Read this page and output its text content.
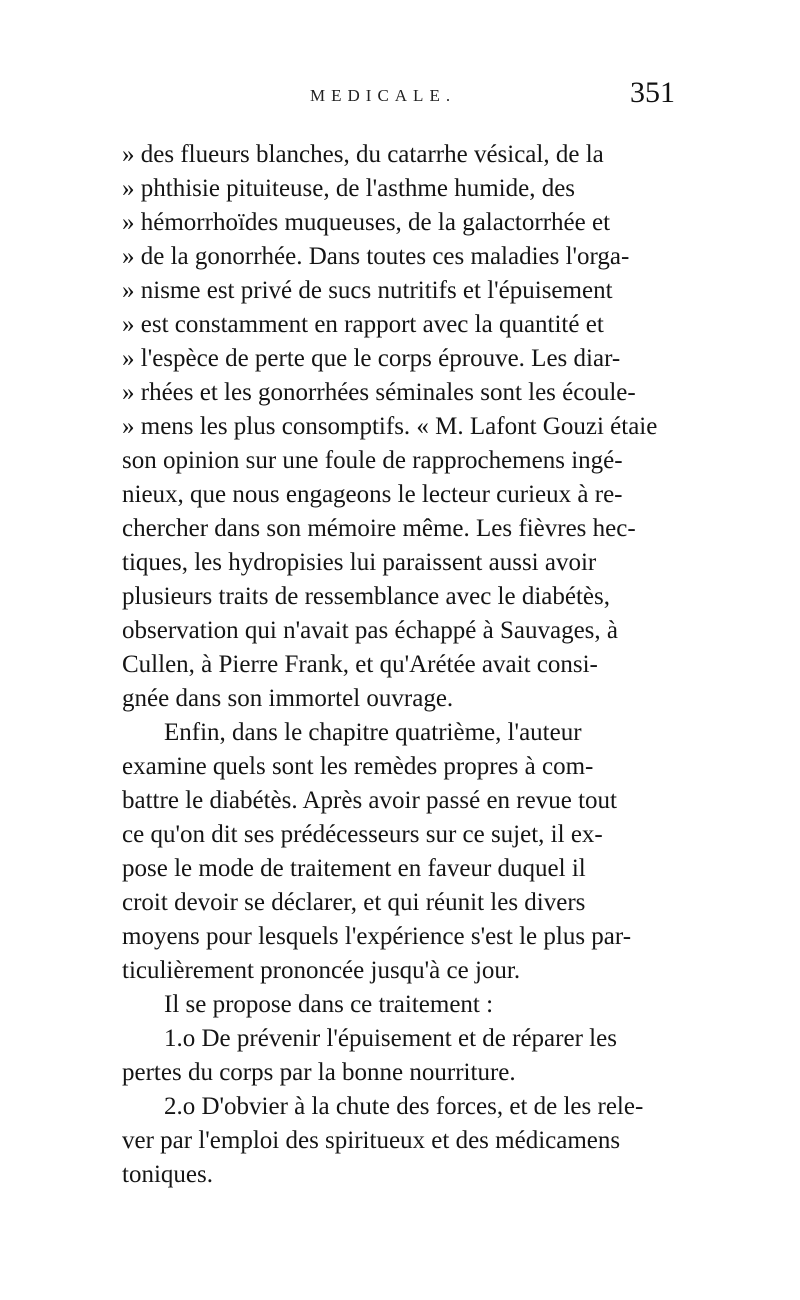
MEDICALE.	351
» des flueurs blanches, du catarrhe vésical, de la
» phthisie pituiteuse, de l'asthme humide, des
» hémorrhoïdes muqueuses, de la galactorrhée et
» de la gonorrhée. Dans toutes ces maladies l'orga-
» nisme est privé de sucs nutritifs et l'épuisement
» est constamment en rapport avec la quantité et
» l'espèce de perte que le corps éprouve. Les diar-
» rhées et les gonorrhées séminales sont les écoule-
» mens les plus consomptifs. « M. Lafont Gouzi étaie
son opinion sur une foule de rapprochemens ingé-
nieux, que nous engageons le lecteur curieux à re-
chercher dans son mémoire même. Les fièvres hec-
tiques, les hydropisies lui paraissent aussi avoir
plusieurs traits de ressemblance avec le diabétès,
observation qui n'avait pas échappé à Sauvages, à
Cullen, à Pierre Frank, et qu'Arétée avait consi-
gnée dans son immortel ouvrage.
Enfin, dans le chapitre quatrième, l'auteur
examine quels sont les remèdes propres à com-
battre le diabétès. Après avoir passé en revue tout
ce qu'on dit ses prédécesseurs sur ce sujet, il ex-
pose le mode de traitement en faveur duquel il
croit devoir se déclarer, et qui réunit les divers
moyens pour lesquels l'expérience s'est le plus par-
ticulièrement prononcée jusqu'à ce jour.
Il se propose dans ce traitement :
1.o De prévenir l'épuisement et de réparer les
pertes du corps par la bonne nourriture.
2.o D'obvier à la chute des forces, et de les rele-
ver par l'emploi des spiritueux et des médicamens
toniques.
